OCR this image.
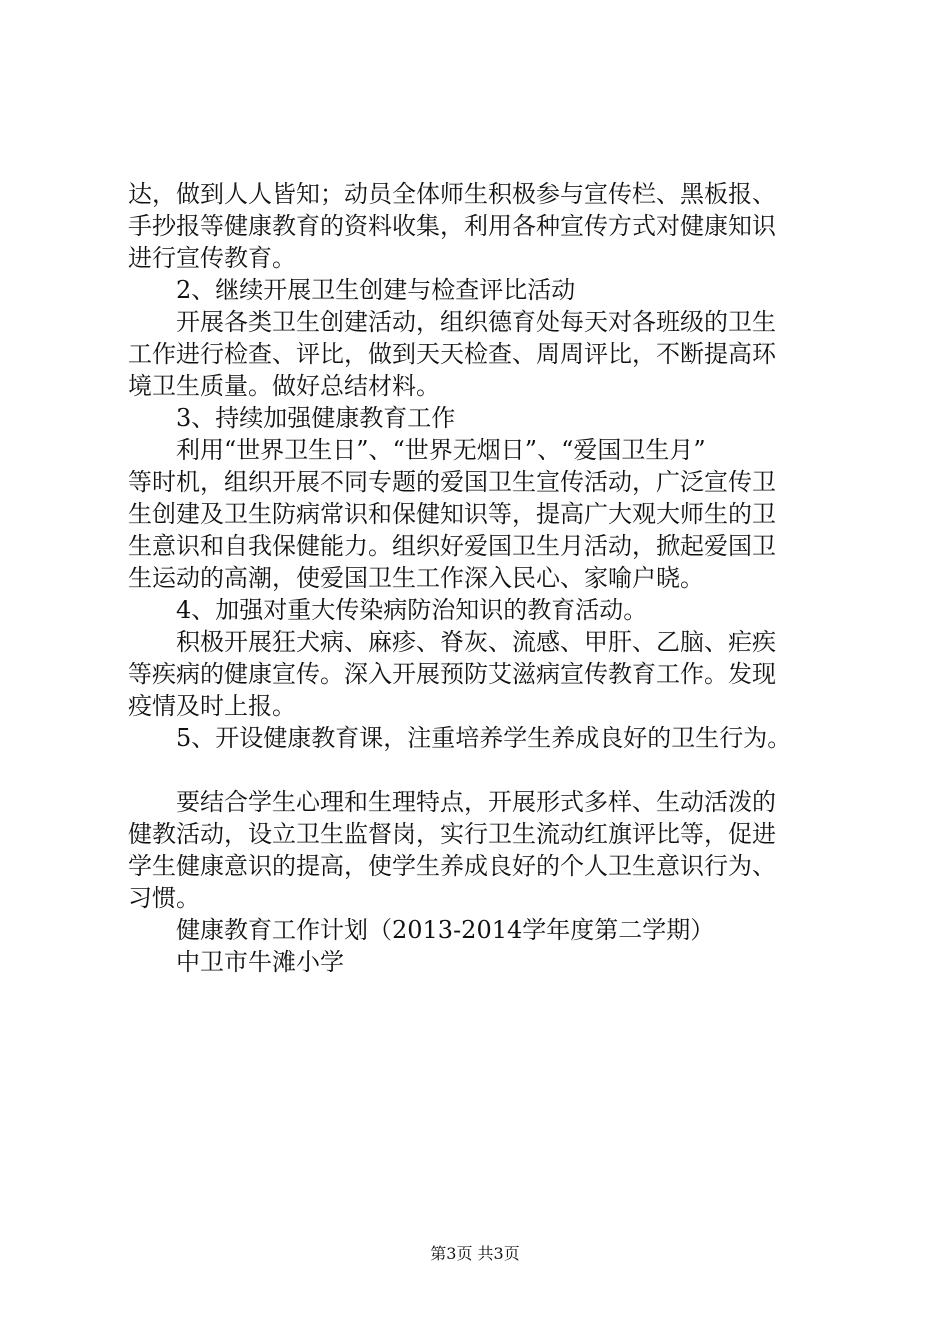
达，做到人人皆知；动员全体师生积极参与宣传栏、黑板报、
手抄报等健康教育的资料收集，利用各种宣传方式对健康知识
进行宣传教育。
2、继续开展卫生创建与检查评比活动
开展各类卫生创建活动，组织德育处每天对各班级的卫生
工作进行检查、评比，做到天天检查、周周评比，不断提高环
境卫生质量。做好总结材料。
3、持续加强健康教育工作
利用“世界卫生日”、“世界无烟日”、“爱国卫生月”
等时机，组织开展不同专题的爱国卫生宣传活动，广泛宣传卫
生创建及卫生防病常识和保健知识等，提高广大观大师生的卫
生意识和自我保健能力。组织好爱国卫生月活动，掀起爱国卫
生运动的高潮，使爱国卫生工作深入民心、家喻户晓。
4、加强对重大传染病防治知识的教育活动。
积极开展狂犬病、麻疹、脊灰、流感、甲肝、乙脑、疟疾
等疾病的健康宣传。深入开展预防艾滋病宣传教育工作。发现
疫情及时上报。
5、开设健康教育课，注重培养学生养成良好的卫生行为。
要结合学生心理和生理特点，开展形式多样、生动活泼的
健教活动，设立卫生监督岗，实行卫生流动红旗评比等，促进
学生健康意识的提高，使学生养成良好的个人卫生意识行为、
习惯。
健康教育工作计划（2013-2014学年度第二学期）
中卫市牛滩小学
第3页 共3页
